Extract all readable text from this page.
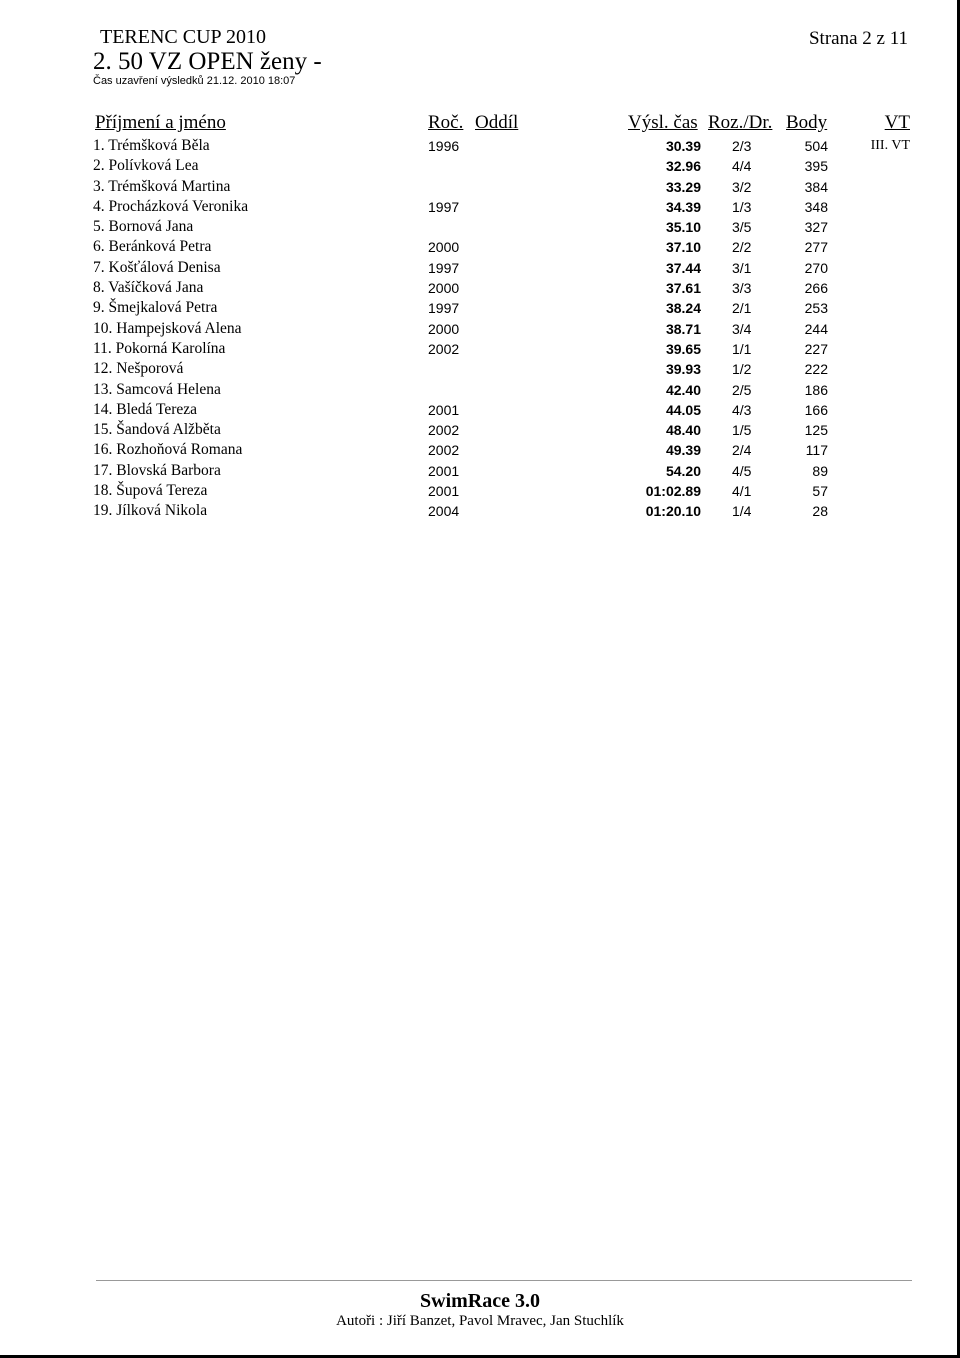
TERENC CUP 2010
2. 50 VZ OPEN ženy -
Čas uzavření výsledků 21.12. 2010 18:07
Strana 2 z 11
Příjmení a jméno	Roč. Oddíl	Výsl. čas Roz./Dr. Body	VT
1. Trémšková Běla	1996	30.39 2/3	504	III. VT
2. Polívková Lea	32.96 4/4	395
3. Trémšková Martina	33.29 3/2	384
4. Procházková Veronika	1997	34.39 1/3	348
5. Bornová Jana	35.10 3/5	327
6. Beránková Petra	2000	37.10 2/2	277
7. Košťálová Denisa	1997	37.44 3/1	270
8. Vašíčková Jana	2000	37.61 3/3	266
9. Šmejkalová Petra	1997	38.24 2/1	253
10. Hampejsková Alena	2000	38.71 3/4	244
11. Pokorná Karolína	2002	39.65 1/1	227
12. Nešporová	39.93 1/2	222
13. Samcová Helena	42.40 2/5	186
14. Bledá Tereza	2001	44.05 4/3	166
15. Šandová Alžběta	2002	48.40 1/5	125
16. Rozhoňová Romana	2002	49.39 2/4	117
17. Blovská Barbora	2001	54.20 4/5	89
18. Šupová Tereza	2001	01:02.89 4/1	57
19. Jílková Nikola	2004	01:20.10 1/4	28
SwimRace 3.0
Autoři : Jiří Banzet, Pavol Mravec, Jan Stuchlík
